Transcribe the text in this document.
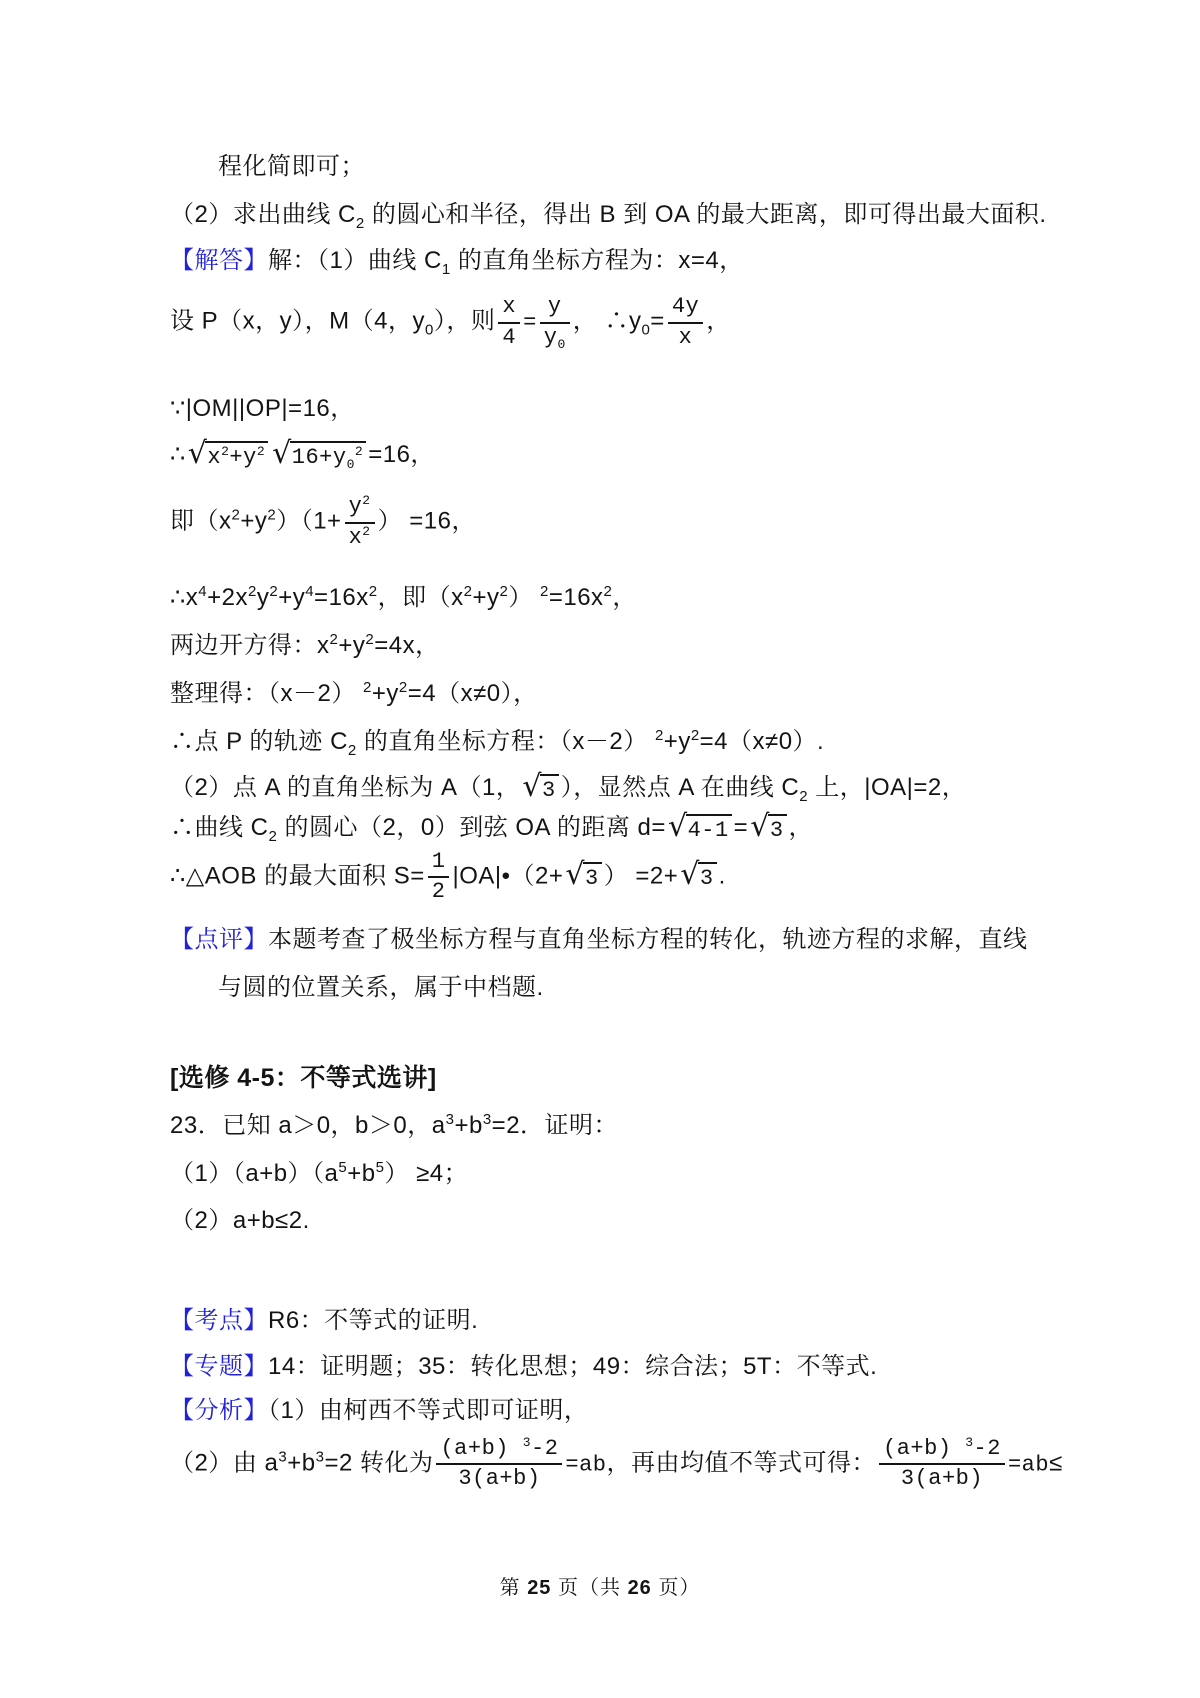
程化简即可；
（2）求出曲线 $C_2$ 的圆心和半径，得出 B 到 OA 的最大距离，即可得出最大面积.
【解答】解：（1）曲线 $C_1$ 的直角坐标方程为：x=4，
设 P（x，y），M（4，$y_0$），则 $\frac{x}{4} = \frac{y}{y_0}$ ， $\therefore y_0= \frac{4y}{x}$ ，
∵|OM||OP|=16，
∴ √ $x^2+y^2$ √ $16+y_0^2 =16$，
即$(x^2+y^2)(1+ \frac{y^2}{x^2}$ ） =16，
$\therefore x^4+2x^2y^2+y^4=16x^2$，即$(x^2+y^2)$ $^2=16x^2$，
两边开方得：$x^2+y^2=4x$，
整理得：（x－2） $^2+y^2=4(x\ne 0)$，
∴点 P 的轨迹 $C_2$ 的直角坐标方程：（x－2） $^2+y^2=4(x\ne 0)$.
（2）点 A 的直角坐标为 A（1， √ 3 ），显然点 A 在曲线 $C_2$ 上，|OA|=2，
∴曲线 $C_2$ 的圆心（2，0）到弦 OA 的距离 d= √ 4-1 = √ 3 ，
∴△AOB 的最大面积 $S= \frac{1}{2}$ |OA|•（2+ √ 3 ） =2+ √ 3 .
【点评】本题考查了极坐标方程与直角坐标方程的转化，轨迹方程的求解，直线
与圆的位置关系，属于中档题.
[选修 4-5：不等式选讲]
23．已知 a＞0，b＞0，$a^3+b^3=2$．证明：
$(1)(a+b)(a^5+b^5) \ge 4$；
（2）a+b≤2.
【考点】R6：不等式的证明.
【专题】14：证明题；35：转化思想；49：综合法；5T：不等式.
【分析】（1）由柯西不等式即可证明，
（2）由 $a^3+b^3=2$ 转化为 $\frac{(a+b) ^3-2}{3(a+b)} =ab$，再由均值不等式可得： $\frac{(a+b) ^3-2}{3(a+b)} =ab\le$
第 25 页（共 26 页）
